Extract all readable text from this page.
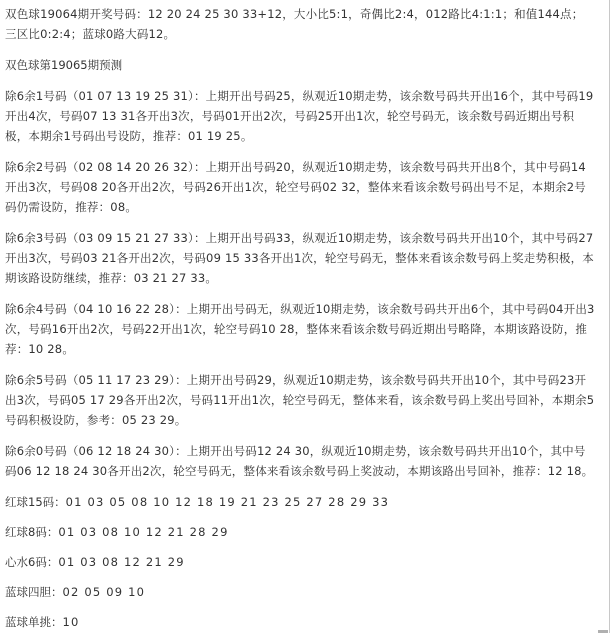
双色球19064期开奖号码：12 20 24 25 30 33+12，大小比5:1，奇偶比2:4，012路比4:1:1；和值144点；三区比0:2:4；蓝球0路大码12。

双色球第19065期预测

除6余1号码（01 07 13 19 25 31）：上期开出号码25，纵观近10期走势，该余数号码共开出16个，其中号码19开出4次，号码07 13 31各开出3次，号码01开出2次，号码25开出1次，轮空号码无，该余数号码近期出号积极，本期余1号码出号设防，推荐：01 19 25。

除6余2号码（02 08 14 20 26 32）：上期开出号码20，纵观近10期走势，该余数号码共开出8个，其中号码14开出3次，号码08 20各开出2次，号码26开出1次，轮空号码02 32，整体来看该余数号码出号不足，本期余2号码仍需设防，推荐：08。

除6余3号码（03 09 15 21 27 33）：上期开出号码33，纵观近10期走势，该余数号码共开出10个，其中号码27开出3次，号码03 21各开出2次，号码09 15 33各开出1次，轮空号码无，整体来看该余数号码上奖走势积极，本期该路设防继续，推荐：03 21 27 33。

除6余4号码（04 10 16 22 28）：上期开出号码无，纵观近10期走势，该余数号码共开出6个，其中号码04开出3次，号码16开出2次，号码22开出1次，轮空号码10 28，整体来看该余数号码近期出号略降，本期该路设防，推荐：10 28。

除6余5号码（05 11 17 23 29）：上期开出号码29，纵观近10期走势，该余数号码共开出10个，其中号码23开出3次，号码05 17 29各开出2次，号码11开出1次，轮空号码无，整体来看，该余数号码上奖出号回补，本期余5号码积极设防，参考：05 23 29。

除6余0号码（06 12 18 24 30）：上期开出号码12 24 30，纵观近10期走势，该余数号码共开出10个，其中号码06 12 18 24 30各开出2次，轮空号码无，整体来看该余数号码上奖波动，本期该路出号回补，推荐：12 18。

红球15码：01 03 05 08 10 12 18 19 21 23 25 27 28 29 33
红球8码：01 03 08 10 12 21 28 29
心水6码：01 03 08 12 21 29
蓝球四胆：02 05 09 10
蓝球单挑：10
